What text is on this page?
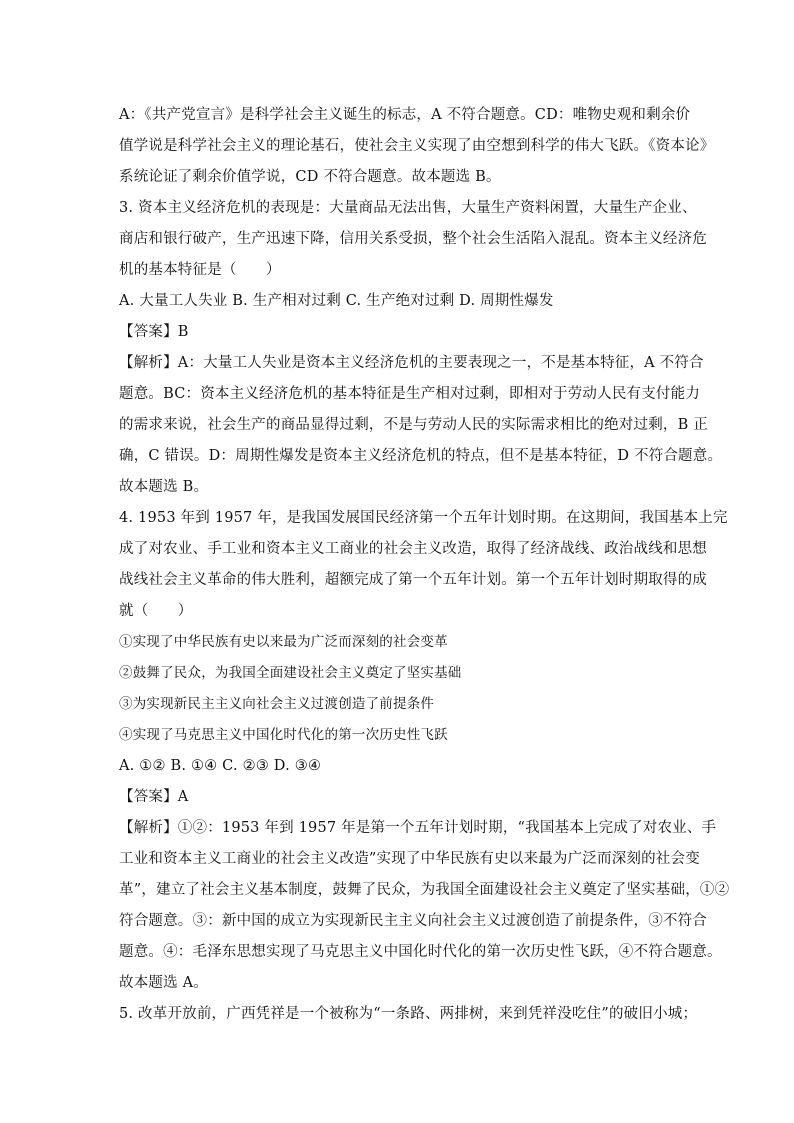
A：《共产党宣言》是科学社会主义诞生的标志，A 不符合题意。CD：唯物史观和剩余价
值学说是科学社会主义的理论基石，使社会主义实现了由空想到科学的伟大飞跃。《资本论》
系统论证了剩余价值学说，CD 不符合题意。故本题选 B。
3. 资本主义经济危机的表现是：大量商品无法出售，大量生产资料闲置，大量生产企业、
商店和银行破产，生产迅速下降，信用关系受损，整个社会生活陷入混乱。资本主义经济危
机的基本特征是（　　）
A. 大量工人失业 B. 生产相对过剩 C. 生产绝对过剩 D. 周期性爆发
【答案】B
【解析】A：大量工人失业是资本主义经济危机的主要表现之一，不是基本特征，A 不符合
题意。BC：资本主义经济危机的基本特征是生产相对过剩，即相对于劳动人民有支付能力
的需求来说，社会生产的商品显得过剩，不是与劳动人民的实际需求相比的绝对过剩，B 正
确，C 错误。D：周期性爆发是资本主义经济危机的特点，但不是基本特征，D 不符合题意。
故本题选 B。
4. 1953 年到 1957 年，是我国发展国民经济第一个五年计划时期。在这期间，我国基本上完
成了对农业、手工业和资本主义工商业的社会主义改造，取得了经济战线、政治战线和思想
战线社会主义革命的伟大胜利，超额完成了第一个五年计划。第一个五年计划时期取得的成
就（　　）
①实现了中华民族有史以来最为广泛而深刻的社会变革
②鼓舞了民众，为我国全面建设社会主义奠定了坚实基础
③为实现新民主主义向社会主义过渡创造了前提条件
④实现了马克思主义中国化时代化的第一次历史性飞跃
A. ①② B. ①④ C. ②③ D. ③④
【答案】A
【解析】①②：1953 年到 1957 年是第一个五年计划时期，“我国基本上完成了对农业、手
工业和资本主义工商业的社会主义改造”实现了中华民族有史以来最为广泛而深刻的社会变
革”，建立了社会主义基本制度，鼓舞了民众，为我国全面建设社会主义奠定了坚实基础，①②
符合题意。③：新中国的成立为实现新民主主义向社会主义过渡创造了前提条件，③不符合
题意。④：毛泽东思想实现了马克思主义中国化时代化的第一次历史性飞跃，④不符合题意。
故本题选 A。
5. 改革开放前，广西凭祥是一个被称为“一条路、两排树，来到凭祥没吃住”的破旧小城；
